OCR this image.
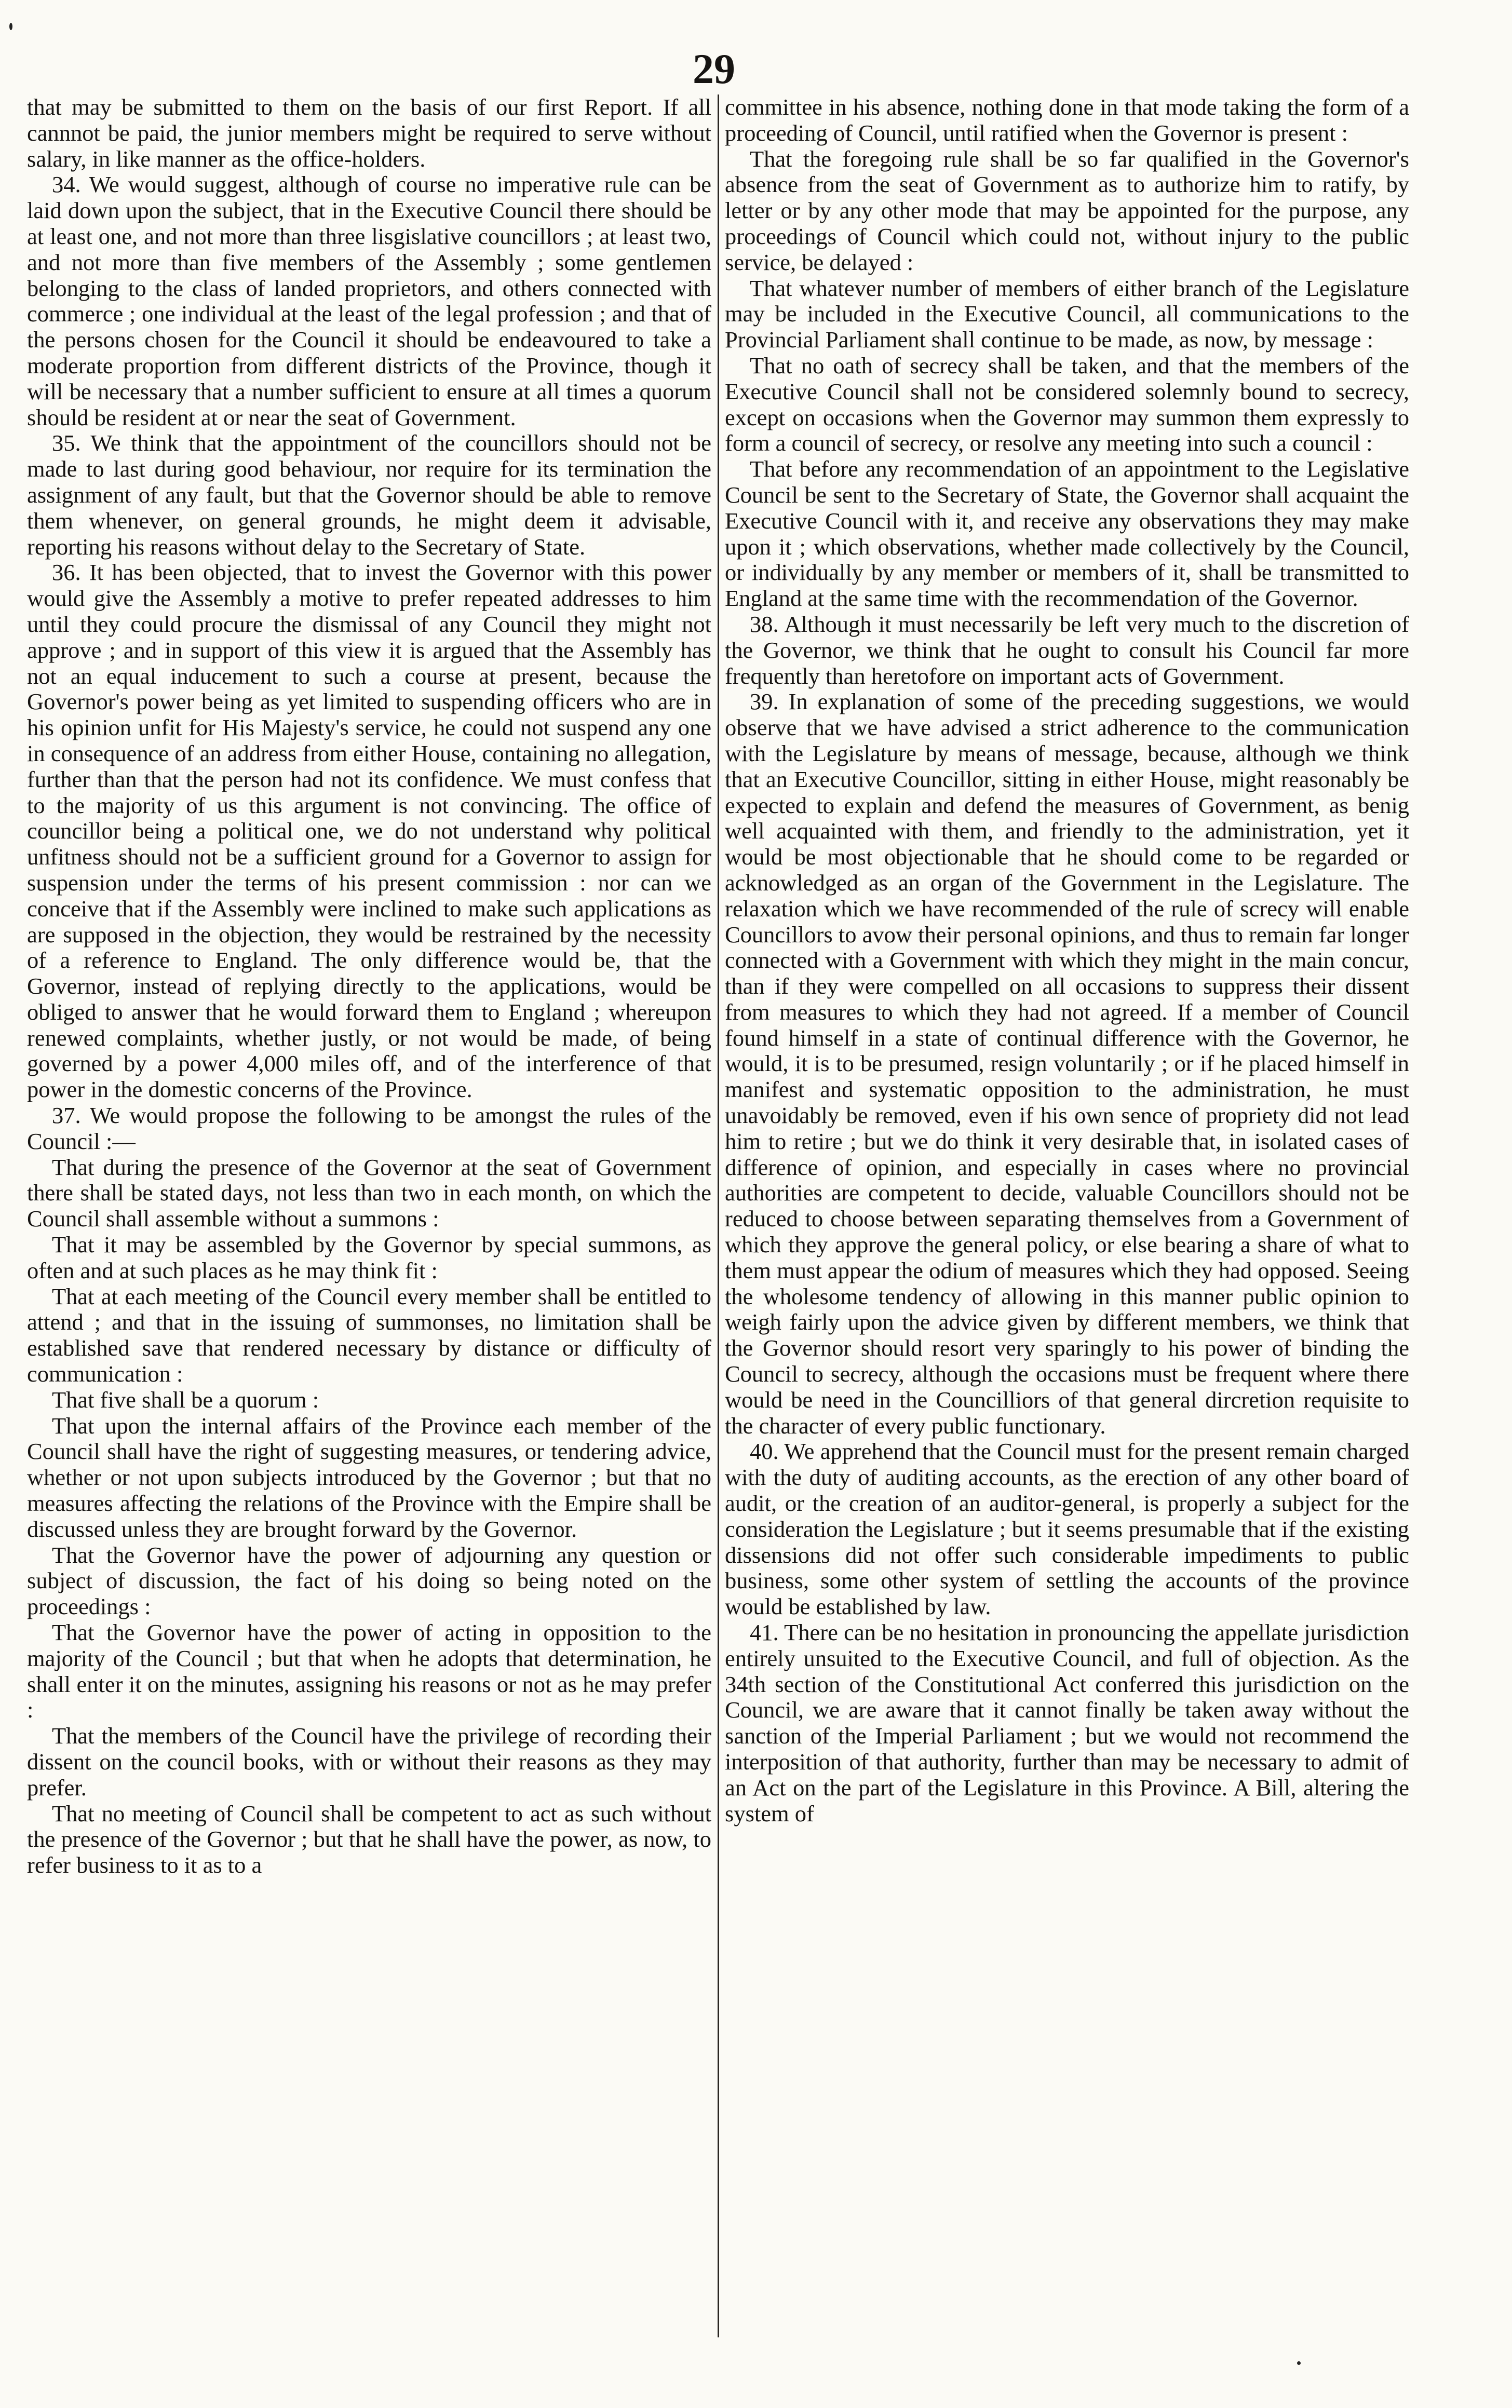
29

that may be submitted to them on the basis of our first Report. If all cannnot be paid, the junior members might be required to serve without salary, in like manner as the office-holders.

34. We would suggest, although of course no imperative rule can be laid down upon the subject, that in the Executive Council there should be at least one, and not more than three lisgislative councillors ; at least two, and not more than five members of the Assembly ; some gentlemen belonging to the class of landed proprietors, and others connected with commerce ; one individual at the least of the legal profession ; and that of the persons chosen for the Council it should be endeavoured to take a moderate proportion from different districts of the Province, though it will be necessary that a number sufficient to ensure at all times a quorum should be resident at or near the seat of Government.

35. We think that the appointment of the councillors should not be made to last during good behaviour, nor require for its termination the assignment of any fault, but that the Governor should be able to remove them whenever, on general grounds, he might deem it advisable, reporting his reasons without delay to the Secretary of State.

36. It has been objected, that to invest the Governor with this power would give the Assembly a motive to prefer repeated addresses to him until they could procure the dismissal of any Council they might not approve ; and in support of this view it is argued that the Assembly has not an equal inducement to such a course at present, because the Governor's power being as yet limited to suspending officers who are in his opinion unfit for His Majesty's service, he could not suspend any one in consequence of an address from either House, containing no allegation, further than that the person had not its confidence. We must confess that to the majority of us this argument is not convincing. The office of councillor being a political one, we do not understand why political unfitness should not be a sufficient ground for a Governor to assign for suspension under the terms of his present commission : nor can we conceive that if the Assembly were inclined to make such applications as are supposed in the objection, they would be restrained by the necessity of a reference to England. The only difference would be, that the Governor, instead of replying directly to the applications, would be obliged to answer that he would forward them to England ; whereupon renewed complaints, whether justly, or not would be made, of being governed by a power 4,000 miles off, and of the interference of that power in the domestic concerns of the Province.

37. We would propose the following to be amongst the rules of the Council :—

That during the presence of the Governor at the seat of Government there shall be stated days, not less than two in each month, on which the Council shall assemble without a summons :

That it may be assembled by the Governor by special summons, as often and at such places as he may think fit :

That at each meeting of the Council every member shall be entitled to attend ; and that in the issuing of summonses, no limitation shall be established save that rendered necessary by distance or difficulty of communication :

That five shall be a quorum :

That upon the internal affairs of the Province each member of the Council shall have the right of suggesting measures, or tendering advice, whether or not upon subjects introduced by the Governor ; but that no measures affecting the relations of the Province with the Empire shall be discussed unless they are brought forward by the Governor.

That the Governor have the power of adjourning any question or subject of discussion, the fact of his doing so being noted on the proceedings :

That the Governor have the power of acting in opposition to the majority of the Council ; but that when he adopts that determination, he shall enter it on the minutes, assigning his reasons or not as he may prefer :

That the members of the Council have the privilege of recording their dissent on the council books, with or without their reasons as they may prefer.

That no meeting of Council shall be competent to act as such without the presence of the Governor ; but that he shall have the power, as now, to refer business to it as to a

committee in his absence, nothing done in that mode taking the form of a proceeding of Council, until ratified when the Governor is present :

That the foregoing rule shall be so far qualified in the Governor's absence from the seat of Government as to authorize him to ratify, by letter or by any other mode that may be appointed for the purpose, any proceedings of Council which could not, without injury to the public service, be delayed :

That whatever number of members of either branch of the Legislature may be included in the Executive Council, all communications to the Provincial Parliament shall continue to be made, as now, by message :

That no oath of secrecy shall be taken, and that the members of the Executive Council shall not be considered solemnly bound to secrecy, except on occasions when the Governor may summon them expressly to form a council of secrecy, or resolve any meeting into such a council :

That before any recommendation of an appointment to the Legislative Council be sent to the Secretary of State, the Governor shall acquaint the Executive Council with it, and receive any observations they may make upon it ; which observations, whether made collectively by the Council, or individually by any member or members of it, shall be transmitted to England at the same time with the recommendation of the Governor.

38. Although it must necessarily be left very much to the discretion of the Governor, we think that he ought to consult his Council far more frequently than heretofore on important acts of Government.

39. In explanation of some of the preceding suggestions, we would observe that we have advised a strict adherence to the communication with the Legislature by means of message, because, although we think that an Executive Councillor, sitting in either House, might reasonably be expected to explain and defend the measures of Government, as benig well acquainted with them, and friendly to the administration, yet it would be most objectionable that he should come to be regarded or acknowledged as an organ of the Government in the Legislature. The relaxation which we have recommended of the rule of screcy will enable Councillors to avow their personal opinions, and thus to remain far longer connected with a Government with which they might in the main concur, than if they were compelled on all occasions to suppress their dissent from measures to which they had not agreed. If a member of Council found himself in a state of continual difference with the Governor, he would, it is to be presumed, resign voluntarily ; or if he placed himself in manifest and systematic opposition to the administration, he must unavoidably be removed, even if his own sence of propriety did not lead him to retire ; but we do think it very desirable that, in isolated cases of difference of opinion, and especially in cases where no provincial authorities are competent to decide, valuable Councillors should not be reduced to choose between separating themselves from a Government of which they approve the general policy, or else bearing a share of what to them must appear the odium of measures which they had opposed. Seeing the wholesome tendency of allowing in this manner public opinion to weigh fairly upon the advice given by different members, we think that the Governor should resort very sparingly to his power of binding the Council to secrecy, although the occasions must be frequent where there would be need in the Councilliors of that general dircretion requisite to the character of every public functionary.

40. We apprehend that the Council must for the present remain charged with the duty of auditing accounts, as the erection of any other board of audit, or the creation of an auditor-general, is properly a subject for the consideration the Legislature ; but it seems presumable that if the existing dissensions did not offer such considerable impediments to public business, some other system of settling the accounts of the province would be established by law.

41. There can be no hesitation in pronouncing the appellate jurisdiction entirely unsuited to the Executive Council, and full of objection. As the 34th section of the Constitutional Act conferred this jurisdiction on the Council, we are aware that it cannot finally be taken away without the sanction of the Imperial Parliament ; but we would not recommend the interposition of that authority, further than may be necessary to admit of an Act on the part of the Legislature in this Province. A Bill, altering the system of
